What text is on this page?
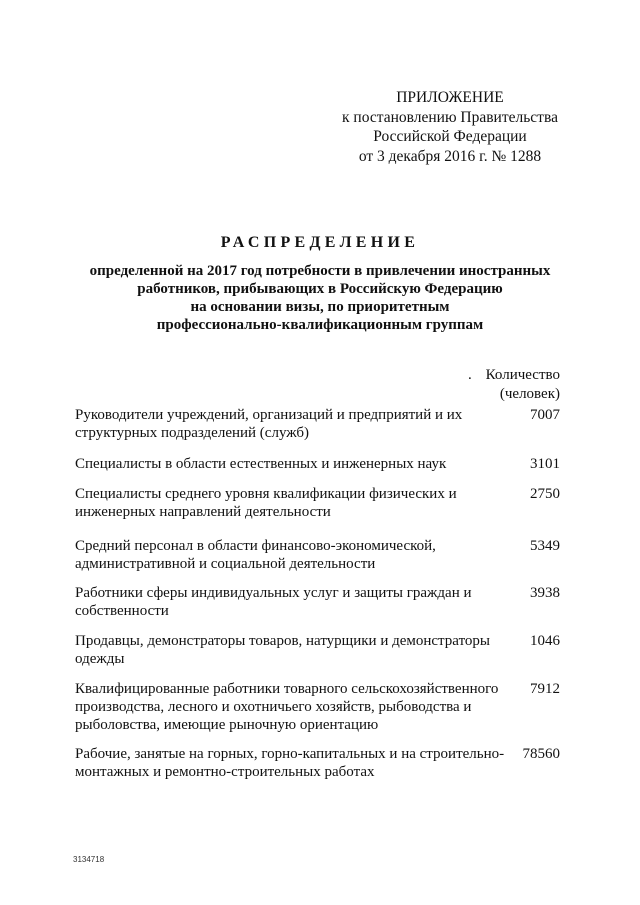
ПРИЛОЖЕНИЕ
к постановлению Правительства
Российской Федерации
от 3 декабря 2016 г. № 1288
РАСПРЕДЕЛЕНИЕ
определенной на 2017 год потребности в привлечении иностранных
работников, прибывающих в Российскую Федерацию
на основании визы, по приоритетным
профессионально-квалификационным группам
. Количество
(человек)
Руководители учреждений, организаций и предприятий и их
структурных подразделений (служб)
7007
Специалисты в области естественных и инженерных наук	3101
Специалисты среднего уровня квалификации физических и
инженерных направлений деятельности
2750
Средний персонал в области финансово-экономической,
административной и социальной деятельности
5349
Работники сферы индивидуальных услуг и защиты граждан и
собственности
3938
Продавцы, демонстраторы товаров, натурщики и демонстраторы
одежды
1046
Квалифицированные работники товарного сельскохозяйственного
производства, лесного и охотничьего хозяйств, рыбоводства и
рыболовства, имеющие рыночную ориентацию
7912
Рабочие, занятые на горных, горно-капитальных и на строительно-
монтажных и ремонтно-строительных работах
78560
3134718
